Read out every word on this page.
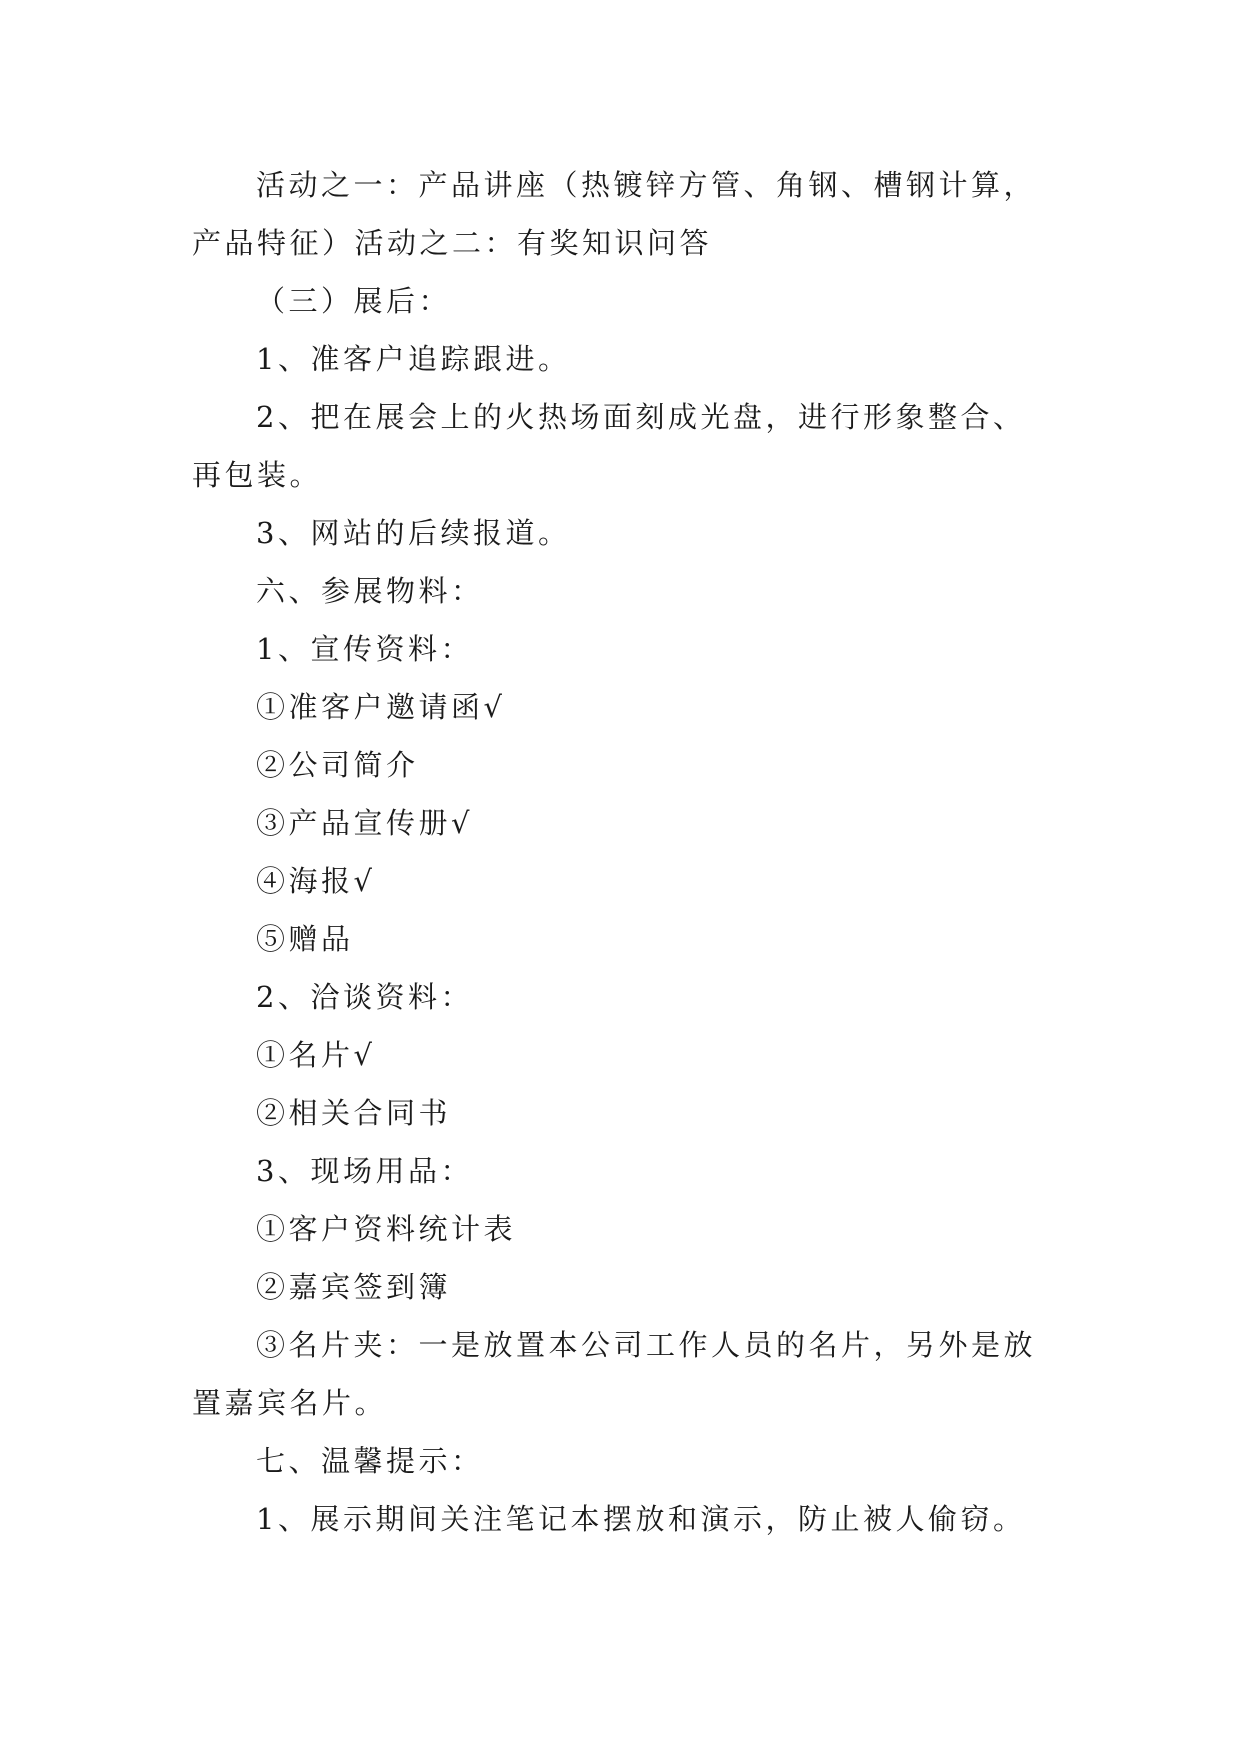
活动之一：产品讲座（热镀锌方管、角钢、槽钢计算，产品特征）活动之二：有奖知识问答

（三）展后：

1、准客户追踪跟进。

2、把在展会上的火热场面刻成光盘，进行形象整合、再包装。

3、网站的后续报道。

六、参展物料：

1、宣传资料：

①准客户邀请函√

②公司简介

③产品宣传册√

④海报√

⑤赠品

2、洽谈资料：

①名片√

②相关合同书

3、现场用品：

①客户资料统计表

②嘉宾签到簿

③名片夹：一是放置本公司工作人员的名片，另外是放置嘉宾名片。

七、温馨提示：

1、展示期间关注笔记本摆放和演示，防止被人偷窃。
